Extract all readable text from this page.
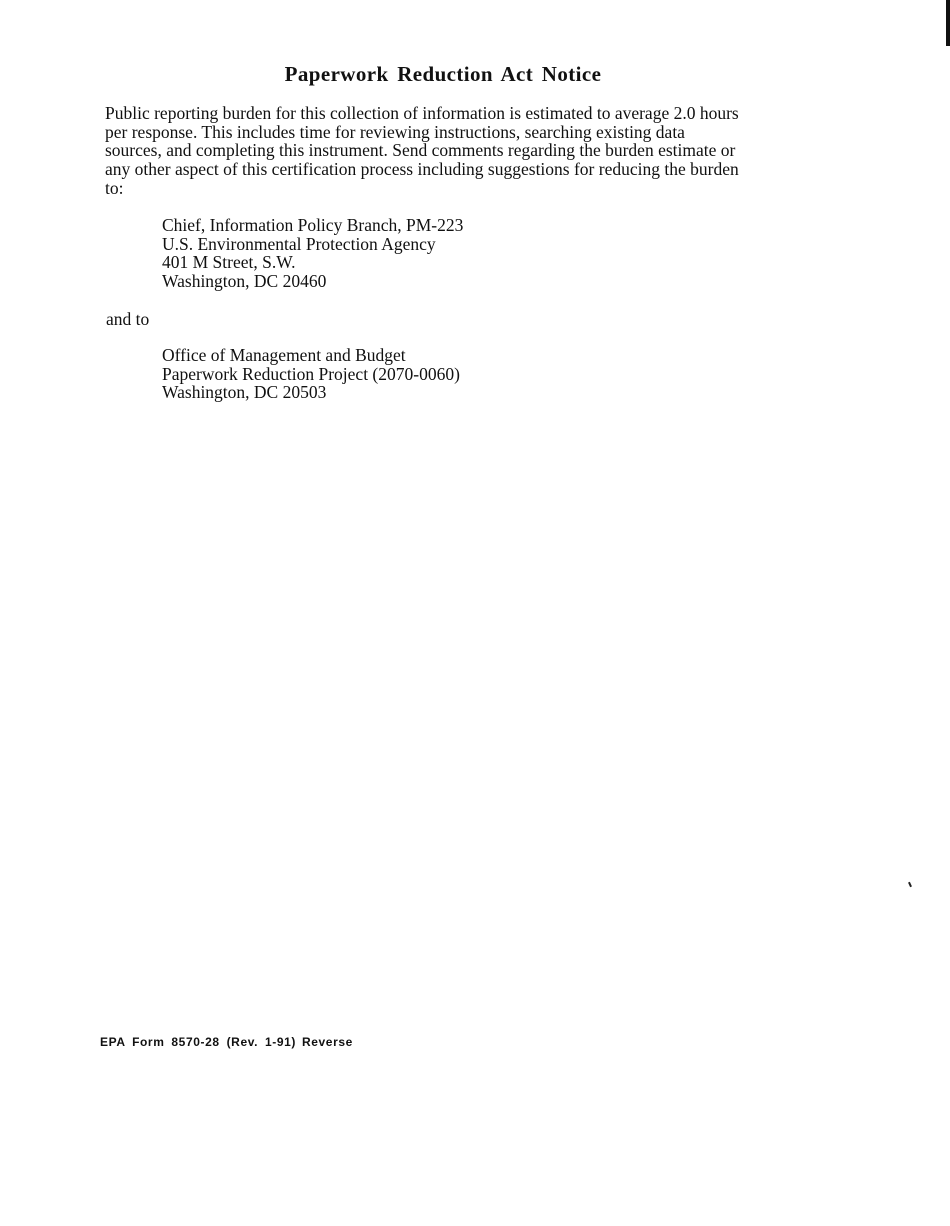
Paperwork Reduction Act Notice

Public reporting burden for this collection of information is estimated to average 2.0 hours
per response. This includes time for reviewing instructions, searching existing data
sources, and completing this instrument. Send comments regarding the burden estimate or
any other aspect of this certification process including suggestions for reducing the burden
to:

Chief, Information Policy Branch, PM-223
U.S. Environmental Protection Agency
401 M Street, S.W.
Washington, DC 20460

and to

Office of Management and Budget
Paperwork Reduction Project (2070-0060)
Washington, DC 20503

EPA Form 8570-28 (Rev. 1-91) Reverse
